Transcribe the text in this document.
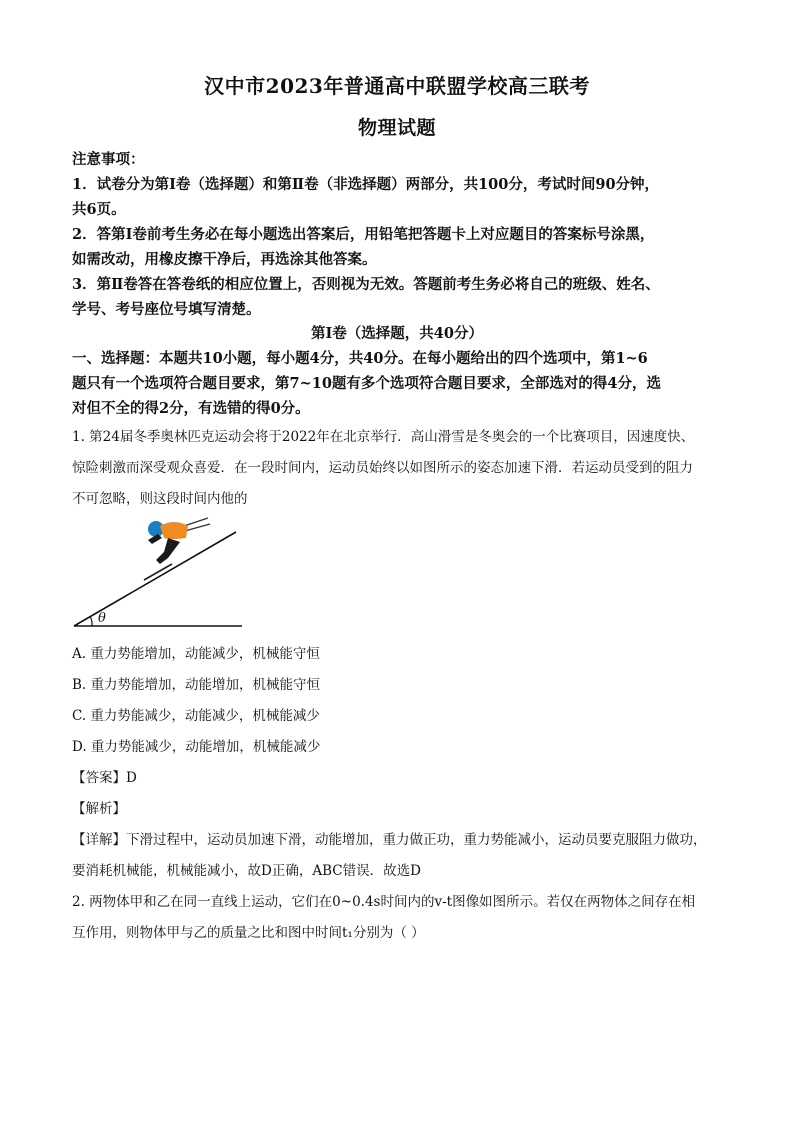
汉中市2023年普通高中联盟学校高三联考
物理试题
注意事项：
1．试卷分为第Ⅰ卷（选择题）和第Ⅱ卷（非选择题）两部分，共100分，考试时间90分钟，
共6页。
2．答第Ⅰ卷前考生务必在每小题选出答案后，用铅笔把答题卡上对应题目的答案标号涂黑，
如需改动，用橡皮擦干净后，再选涂其他答案。
3．第Ⅱ卷答在答卷纸的相应位置上，否则视为无效。答题前考生务必将自己的班级、姓名、
学号、考号座位号填写清楚。
第Ⅰ卷（选择题，共40分）
一、选择题：本题共10小题，每小题4分，共40分。在每小题给出的四个选项中，第1~6
题只有一个选项符合题目要求，第7~10题有多个选项符合题目要求，全部选对的得4分，选
对但不全的得2分，有选错的得0分。
1. 第24届冬季奥林匹克运动会将于2022年在北京举行．高山滑雪是冬奥会的一个比赛项目，因速度快、
惊险刺激而深受观众喜爱．在一段时间内，运动员始终以如图所示的姿态加速下滑．若运动员受到的阻力
不可忽略，则这段时间内他的
θ
A. 重力势能增加，动能减少，机械能守恒
B. 重力势能增加，动能增加，机械能守恒
C. 重力势能减少，动能减少，机械能减少
D. 重力势能减少，动能增加，机械能减少
【答案】D
【解析】
【详解】下滑过程中，运动员加速下滑，动能增加，重力做正功，重力势能减小，运动员要克服阻力做功，
要消耗机械能，机械能减小，故D正确，ABC错误．故选D
2. 两物体甲和乙在同一直线上运动，它们在0~0.4s时间内的v-t图像如图所示。若仅在两物体之间存在相
互作用，则物体甲与乙的质量之比和图中时间t₁分别为（ ）
